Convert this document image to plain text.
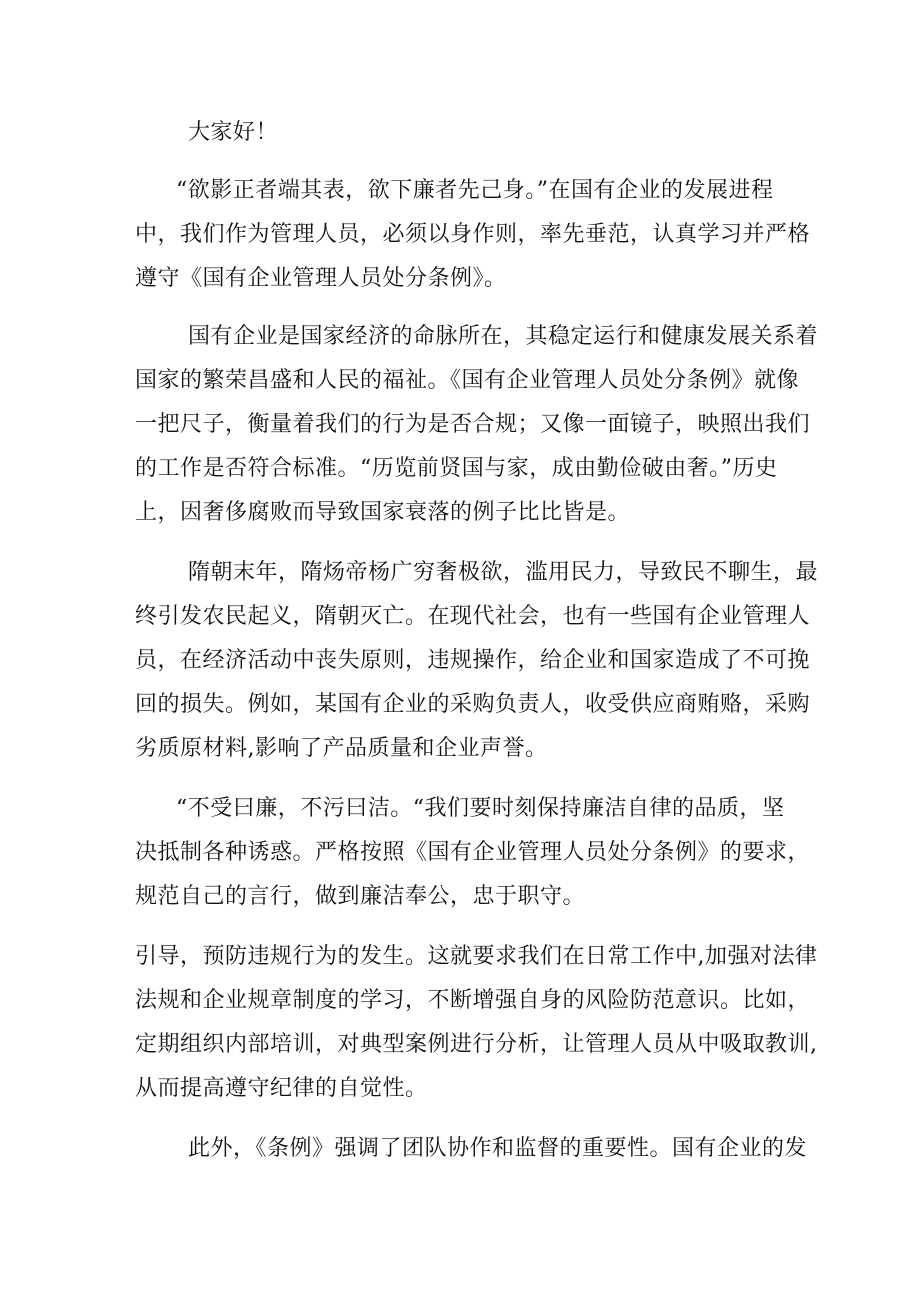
大家好！
“欲影正者端其表，欲下廉者先己身。”在国有企业的发展进程
中，我们作为管理人员，必须以身作则，率先垂范，认真学习并严格
遵守《国有企业管理人员处分条例》。
国有企业是国家经济的命脉所在，其稳定运行和健康发展关系着
国家的繁荣昌盛和人民的福祉。《国有企业管理人员处分条例》就像
一把尺子，衡量着我们的行为是否合规；又像一面镜子，映照出我们
的工作是否符合标准。“历览前贤国与家，成由勤俭破由奢。”历史
上，因奢侈腐败而导致国家衰落的例子比比皆是。
隋朝末年，隋炀帝杨广穷奢极欲，滥用民力，导致民不聊生，最
终引发农民起义，隋朝灭亡。在现代社会，也有一些国有企业管理人
员，在经济活动中丧失原则，违规操作，给企业和国家造成了不可挽
回的损失。例如，某国有企业的采购负责人，收受供应商贿赂，采购
劣质原材料,影响了产品质量和企业声誉。
“不受曰廉，不污曰洁。“我们要时刻保持廉洁自律的品质，坚
决抵制各种诱惑。严格按照《国有企业管理人员处分条例》的要求，
规范自己的言行，做到廉洁奉公，忠于职守。
引导，预防违规行为的发生。这就要求我们在日常工作中,加强对法律
法规和企业规章制度的学习，不断增强自身的风险防范意识。比如，
定期组织内部培训，对典型案例进行分析，让管理人员从中吸取教训,
从而提高遵守纪律的自觉性。
此外，《条例》强调了团队协作和监督的重要性。国有企业的发
